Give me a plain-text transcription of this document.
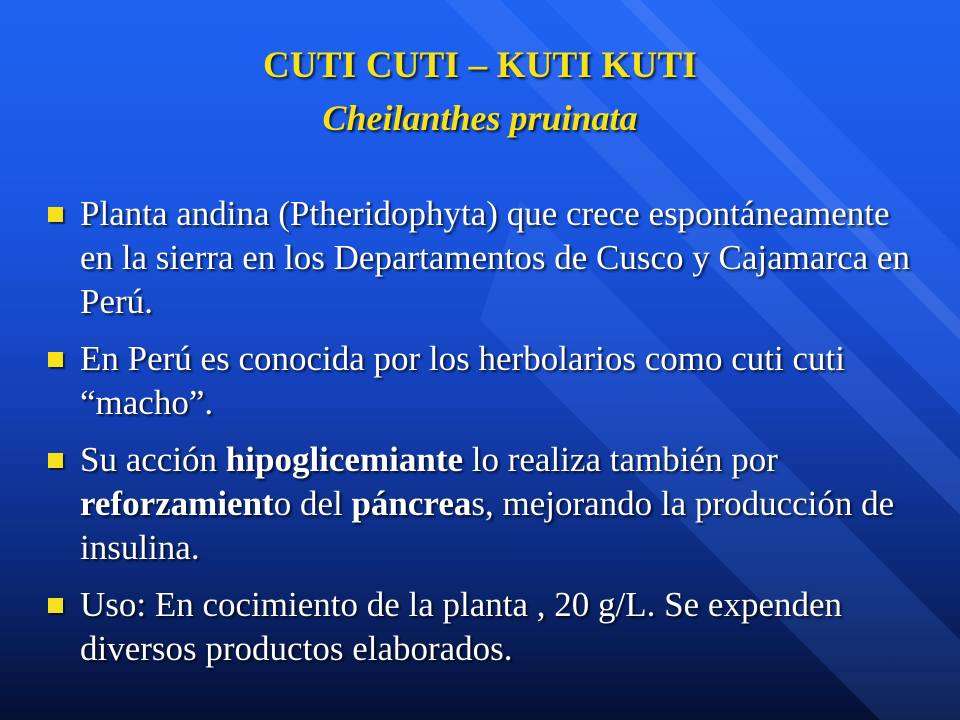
CUTI CUTI – KUTI KUTI
Cheilanthes pruinata
Planta andina (Ptheridophyta) que crece espontáneamente en la sierra en los Departamentos de Cusco y Cajamarca en Perú.
En Perú es conocida por los herbolarios como cuti cuti “macho”.
Su acción hipoglicemiante lo realiza también por reforzamiento del páncreas, mejorando la producción de insulina.
Uso: En cocimiento de la planta , 20 g/L. Se expenden diversos productos elaborados.
